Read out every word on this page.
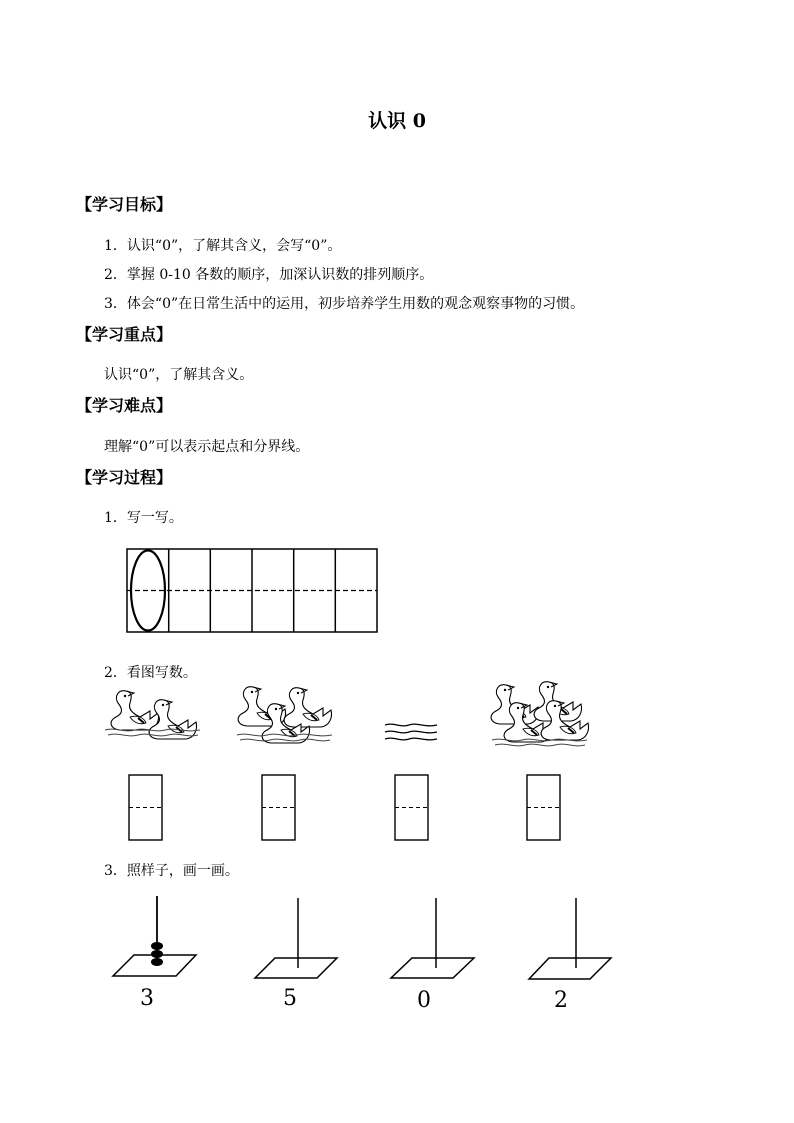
认识 0
【学习目标】
1．认识“0”，了解其含义，会写“0”。
2．掌握 0-10 各数的顺序，加深认识数的排列顺序。
3．体会“0”在日常生活中的运用，初步培养学生用数的观念观察事物的习惯。
【学习重点】
认识“0”，了解其含义。
【学习难点】
理解“0”可以表示起点和分界线。
【学习过程】
1．写一写。
2．看图写数。
3．照样子，画一画。
3	5	0	2
